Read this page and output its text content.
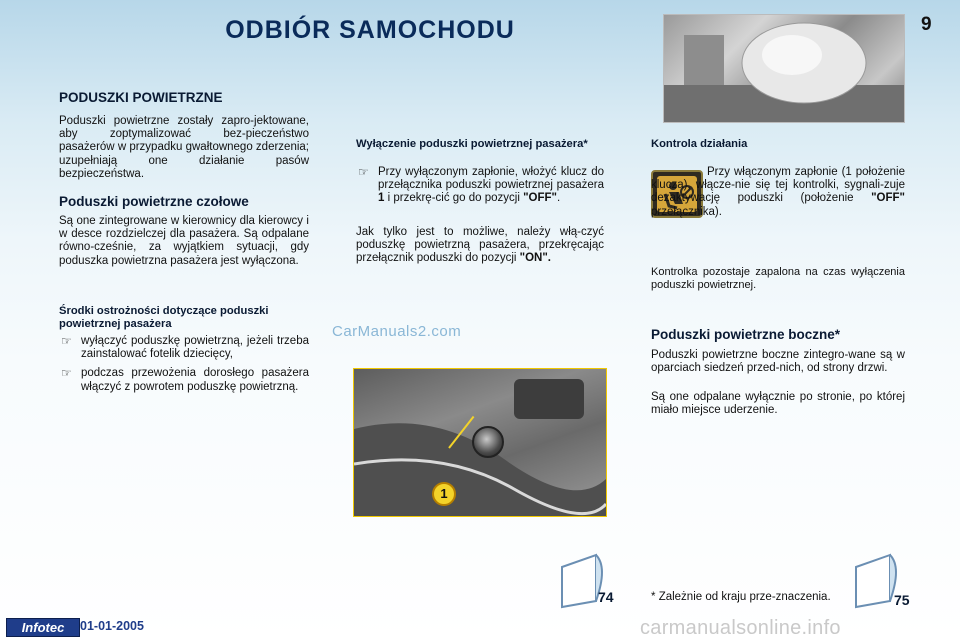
ODBIÓR SAMOCHODU	9
PODUSZKI POWIETRZNE
Poduszki powietrzne zostały zapro-jektowane, aby zoptymalizować bez-pieczeństwo pasażerów w przypadku gwałtownego zderzenia; uzupełniają one działanie pasów bezpieczeństwa.
Poduszki powietrzne czołowe
Są one zintegrowane w kierownicy dla kierowcy i w desce rozdzielczej dla pasażera. Są odpalane równo-cześnie, za wyjątkiem sytuacji, gdy poduszka powietrzna pasażera jest wyłączona.
Środki ostrożności dotyczące poduszki powietrznej pasażera
☞ wyłączyć poduszkę powietrzną, jeżeli trzeba zainstalować fotelik dziecięcy,
☞ podczas przewożenia dorosłego pasażera włączyć z powrotem poduszkę powietrzną.
Wyłączenie poduszki powietrznej pasażera*
☞ Przy wyłączonym zapłonie, włożyć klucz do przełącznika poduszki powietrznej pasażera 1 i przekrę-cić go do pozycji "OFF".
Jak tylko jest to możliwe, należy włą-czyć poduszkę powietrzną pasażera, przekręcając przełącznik poduszki do pozycji "ON".
CarManuals2.com
1
Kontrola działania
Przy włączonym zapłonie (1 położenie klucza), włącze-nie się tej kontrolki, sygnali-zuje dezaktywację poduszki (położenie "OFF" przełącznika).
Kontrolka pozostaje zapalona na czas wyłączenia poduszki powietrznej.
Poduszki powietrzne boczne*
Poduszki powietrzne boczne zintegro-wane są w oparciach siedzeń przed-nich, od strony drzwi.
Są one odpalane wyłącznie po stronie, po której miało miejsce uderzenie.
* Zależnie od kraju prze-znaczenia.
74	75
Infotec	01-01-2005	carmanualsonline.info
